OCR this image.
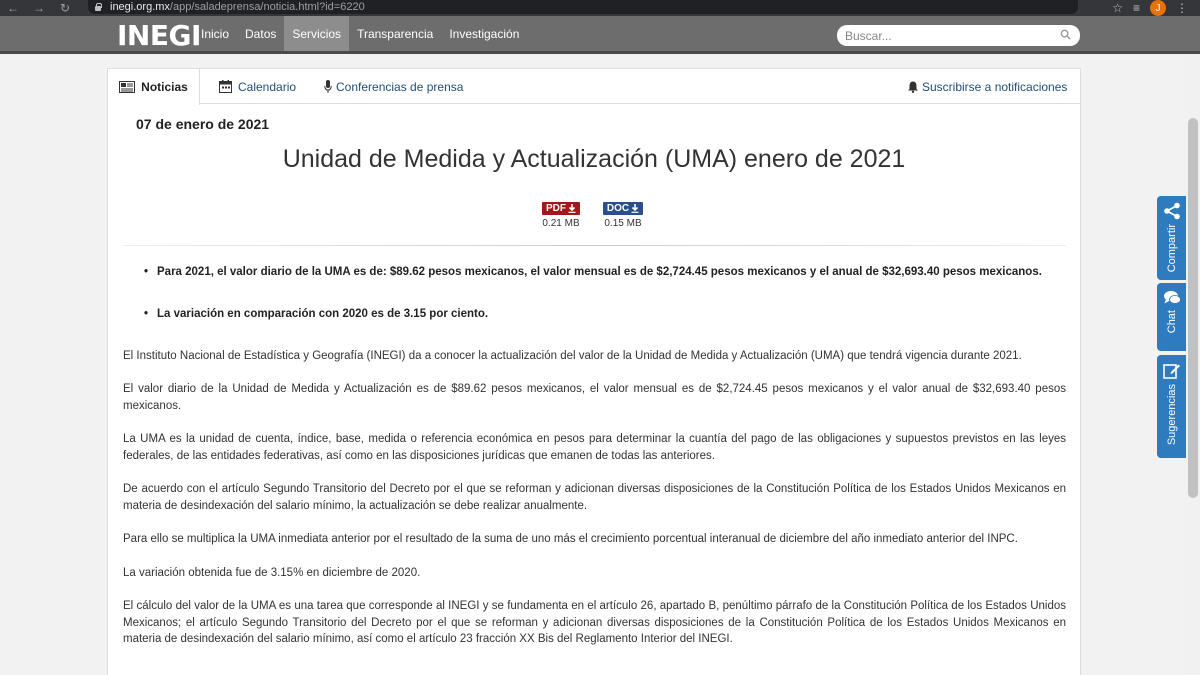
←	→	↻	inegi.org.mx /app/saladeprensa/noticia.html?id=6220	☆ ≡	J	⋮
INEGI Inicio	Datos	Servicios	Transparencia	Investigación
Buscar...
Noticias	Calendario	Conferencias de prensa	Suscribirse a notificaciones
07 de enero de 2021
Unidad de Medida y Actualización (UMA) enero de 2021
PDF
0.21 MB
DOC
0.15 MB
• Para 2021, el valor diario de la UMA es de: $89.62 pesos mexicanos, el valor mensual es de $2,724.45 pesos mexicanos y el anual de $32,693.40 pesos mexicanos.
• La variación en comparación con 2020 es de 3.15 por ciento.

El Instituto Nacional de Estadística y Geografía (INEGI) da a conocer la actualización del valor de la Unidad de Medida y Actualización (UMA) que tendrá vigencia durante 2021.

El valor diario de la Unidad de Medida y Actualización es de $89.62 pesos mexicanos, el valor mensual es de $2,724.45 pesos mexicanos y el valor anual de $32,693.40 pesos mexicanos.

La UMA es la unidad de cuenta, índice, base, medida o referencia económica en pesos para determinar la cuantía del pago de las obligaciones y supuestos previstos en las leyes federales, de las entidades federativas, así como en las disposiciones jurídicas que emanen de todas las anteriores.

De acuerdo con el artículo Segundo Transitorio del Decreto por el que se reforman y adicionan diversas disposiciones de la Constitución Política de los Estados Unidos Mexicanos en materia de desindexación del salario mínimo, la actualización se debe realizar anualmente.

Para ello se multiplica la UMA inmediata anterior por el resultado de la suma de uno más el crecimiento porcentual interanual de diciembre del año inmediato anterior del INPC.

La variación obtenida fue de 3.15% en diciembre de 2020.

El cálculo del valor de la UMA es una tarea que corresponde al INEGI y se fundamenta en el artículo 26, apartado B, penúltimo párrafo de la Constitución Política de los Estados Unidos Mexicanos; el artículo Segundo Transitorio del Decreto por el que se reforman y adicionan diversas disposiciones de la Constitución Política de los Estados Unidos Mexicanos en materia de desindexación del salario mínimo, así como el artículo 23 fracción XX Bis del Reglamento Interior del INEGI.

Compartir
Chat
Sugerencias
